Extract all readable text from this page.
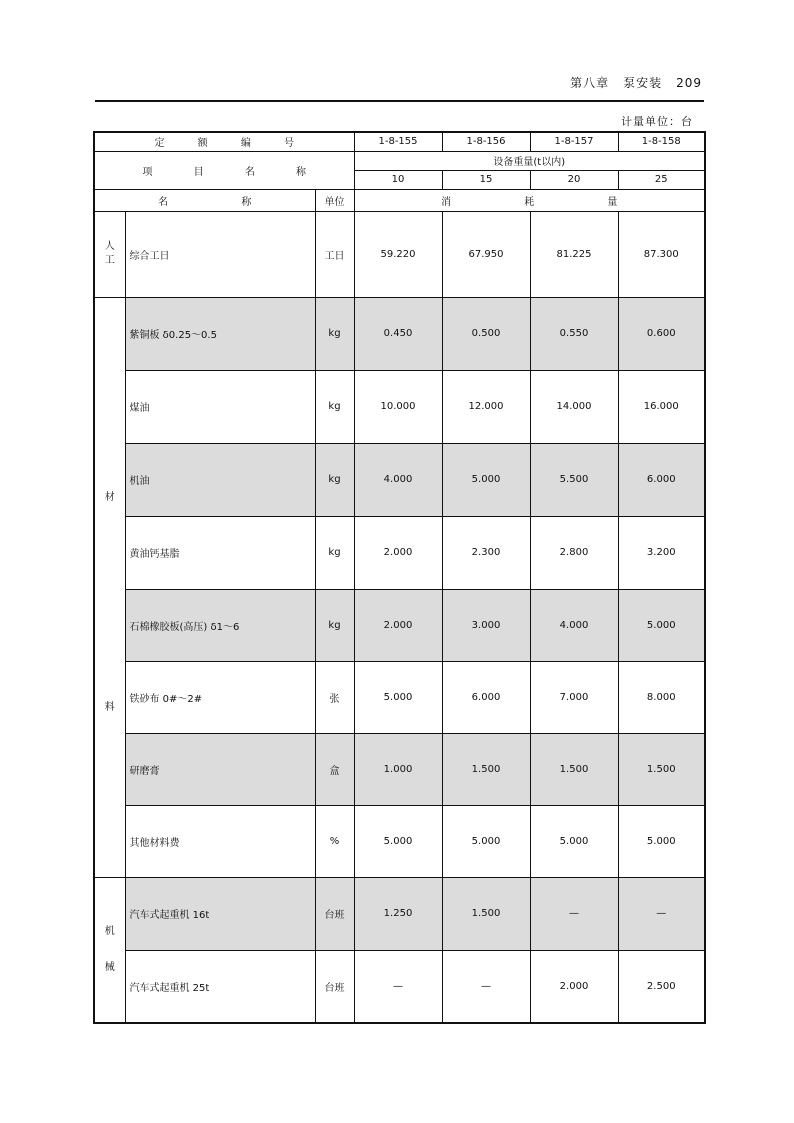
第八章 泵安装 209
计量单位：台
定 额 编 号			1-8-155	1-8-156	1-8-157	1-8-158
项 目 名 称			设备重量(t以内)			
			10	15	20	25
名 称		单位	消 耗 量			
人
工	综合工日	工日	59.220	67.950	81.225	87.300

材
料	紫铜板 δ0.25～0.5	kg	0.450	0.500	0.550	0.600
	煤油	kg	10.000	12.000	14.000	16.000
	机油	kg	4.000	5.000	5.500	6.000
	黄油钙基脂	kg	2.000	2.300	2.800	3.200
	石棉橡胶板(高压) δ1～6	kg	2.000	3.000	4.000	5.000
	铁砂布 0#～2#	张	5.000	6.000	7.000	8.000
	研磨膏	盒	1.000	1.500	1.500	1.500
	其他材料费	%	5.000	5.000	5.000	5.000

机
械	汽车式起重机 16t	台班	1.250	1.500	—	—
	汽车式起重机 25t	台班	—	—	2.000	2.500
